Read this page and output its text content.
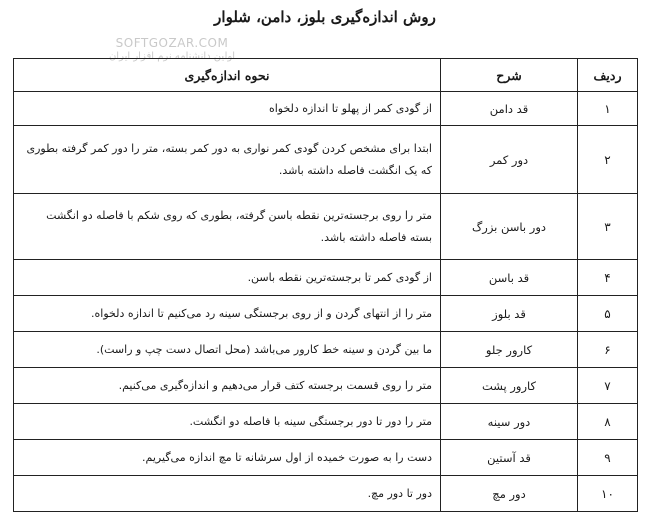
روش اندازه‌گیری بلوز، دامن، شلوار
SOFTGOZAR.COM
اولین دانشنامه نرم افزار ایران
ردیف	شرح	نحوه اندازه‌گیری
۱	قد دامن	از گودی کمر از پهلو تا اندازه دلخواه
۲	دور کمر	ابتدا برای مشخص کردن گودی کمر نواری به دور کمر بسته، متر را دور کمر گرفته بطوری که یک انگشت فاصله داشته باشد.
۳	دور باسن بزرگ	متر را روی برجسته‌ترین نقطه باسن گرفته، بطوری که روی شکم با فاصله دو انگشت بسته فاصله داشته باشد.
۴	قد باسن	از گودی کمر تا برجسته‌ترین نقطه باسن.
۵	قد بلوز	متر را از انتهای گردن و از روی برجستگی سینه رد می‌کنیم تا اندازه دلخواه.
۶	کارور جلو	ما بین گردن و سینه خط کارور می‌باشد (محل اتصال دست چپ و راست).
۷	کارور پشت	متر را روی قسمت برجسته کتف قرار می‌دهیم و اندازه‌گیری می‌کنیم.
۸	دور سینه	متر را دور تا دور برجستگی سینه با فاصله دو انگشت.
۹	قد آستین	دست را به صورت خمیده از اول سرشانه تا مچ اندازه می‌گیریم.
۱۰	دور مچ	دور تا دور مچ.
